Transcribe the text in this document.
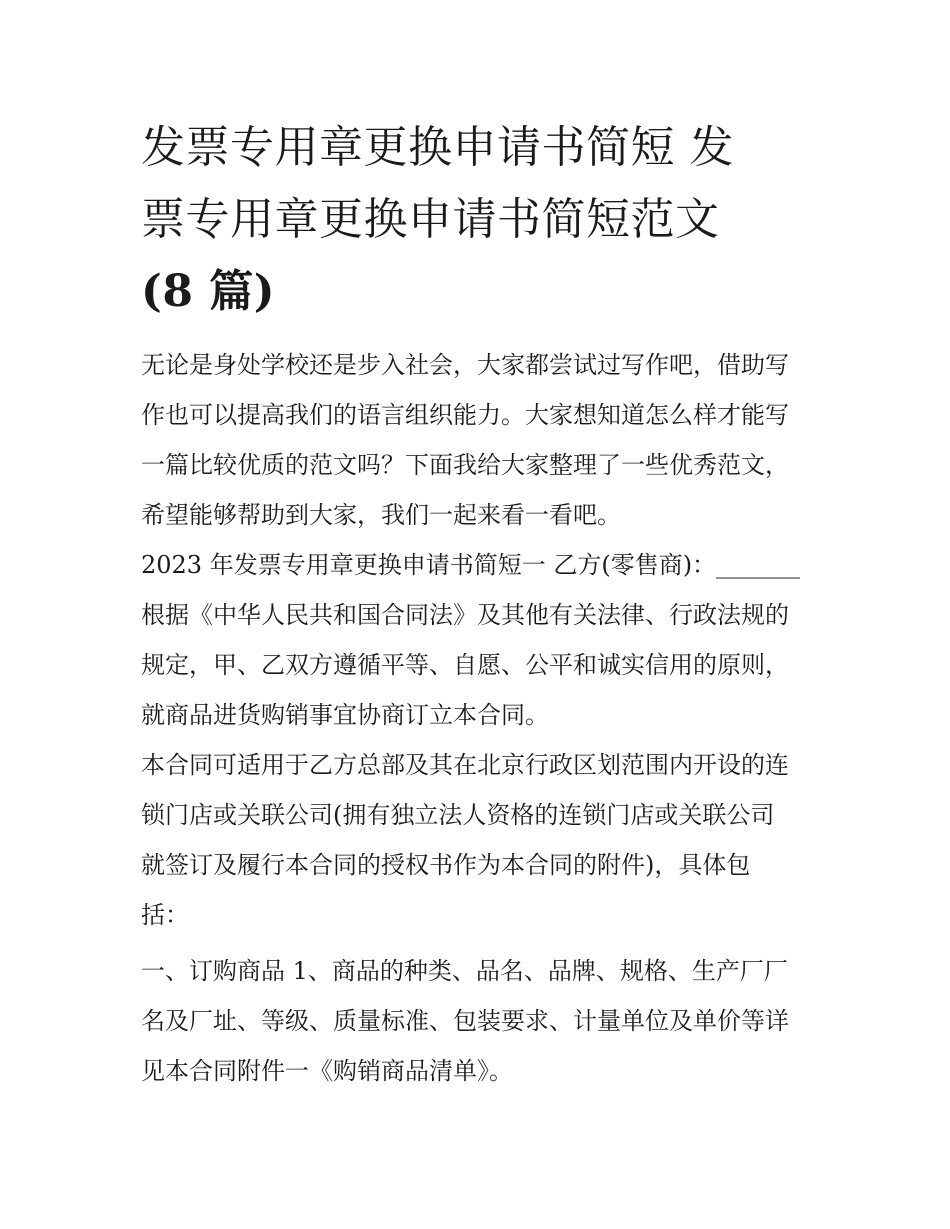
发票专用章更换申请书简短 发
票专用章更换申请书简短范文
(8 篇)

无论是身处学校还是步入社会，大家都尝试过写作吧，借助写
作也可以提高我们的语言组织能力。大家想知道怎么样才能写
一篇比较优质的范文吗？下面我给大家整理了一些优秀范文，
希望能够帮助到大家，我们一起来看一看吧。

2023 年发票专用章更换申请书简短一 乙方(零售商)：_______
根据《中华人民共和国合同法》及其他有关法律、行政法规的
规定，甲、乙双方遵循平等、自愿、公平和诚实信用的原则，
就商品进货购销事宜协商订立本合同。

本合同可适用于乙方总部及其在北京行政区划范围内开设的连
锁门店或关联公司(拥有独立法人资格的连锁门店或关联公司
就签订及履行本合同的授权书作为本合同的附件)，具体包
括：

一、订购商品 1、商品的种类、品名、品牌、规格、生产厂厂
名及厂址、等级、质量标准、包装要求、计量单位及单价等详
见本合同附件一《购销商品清单》。
